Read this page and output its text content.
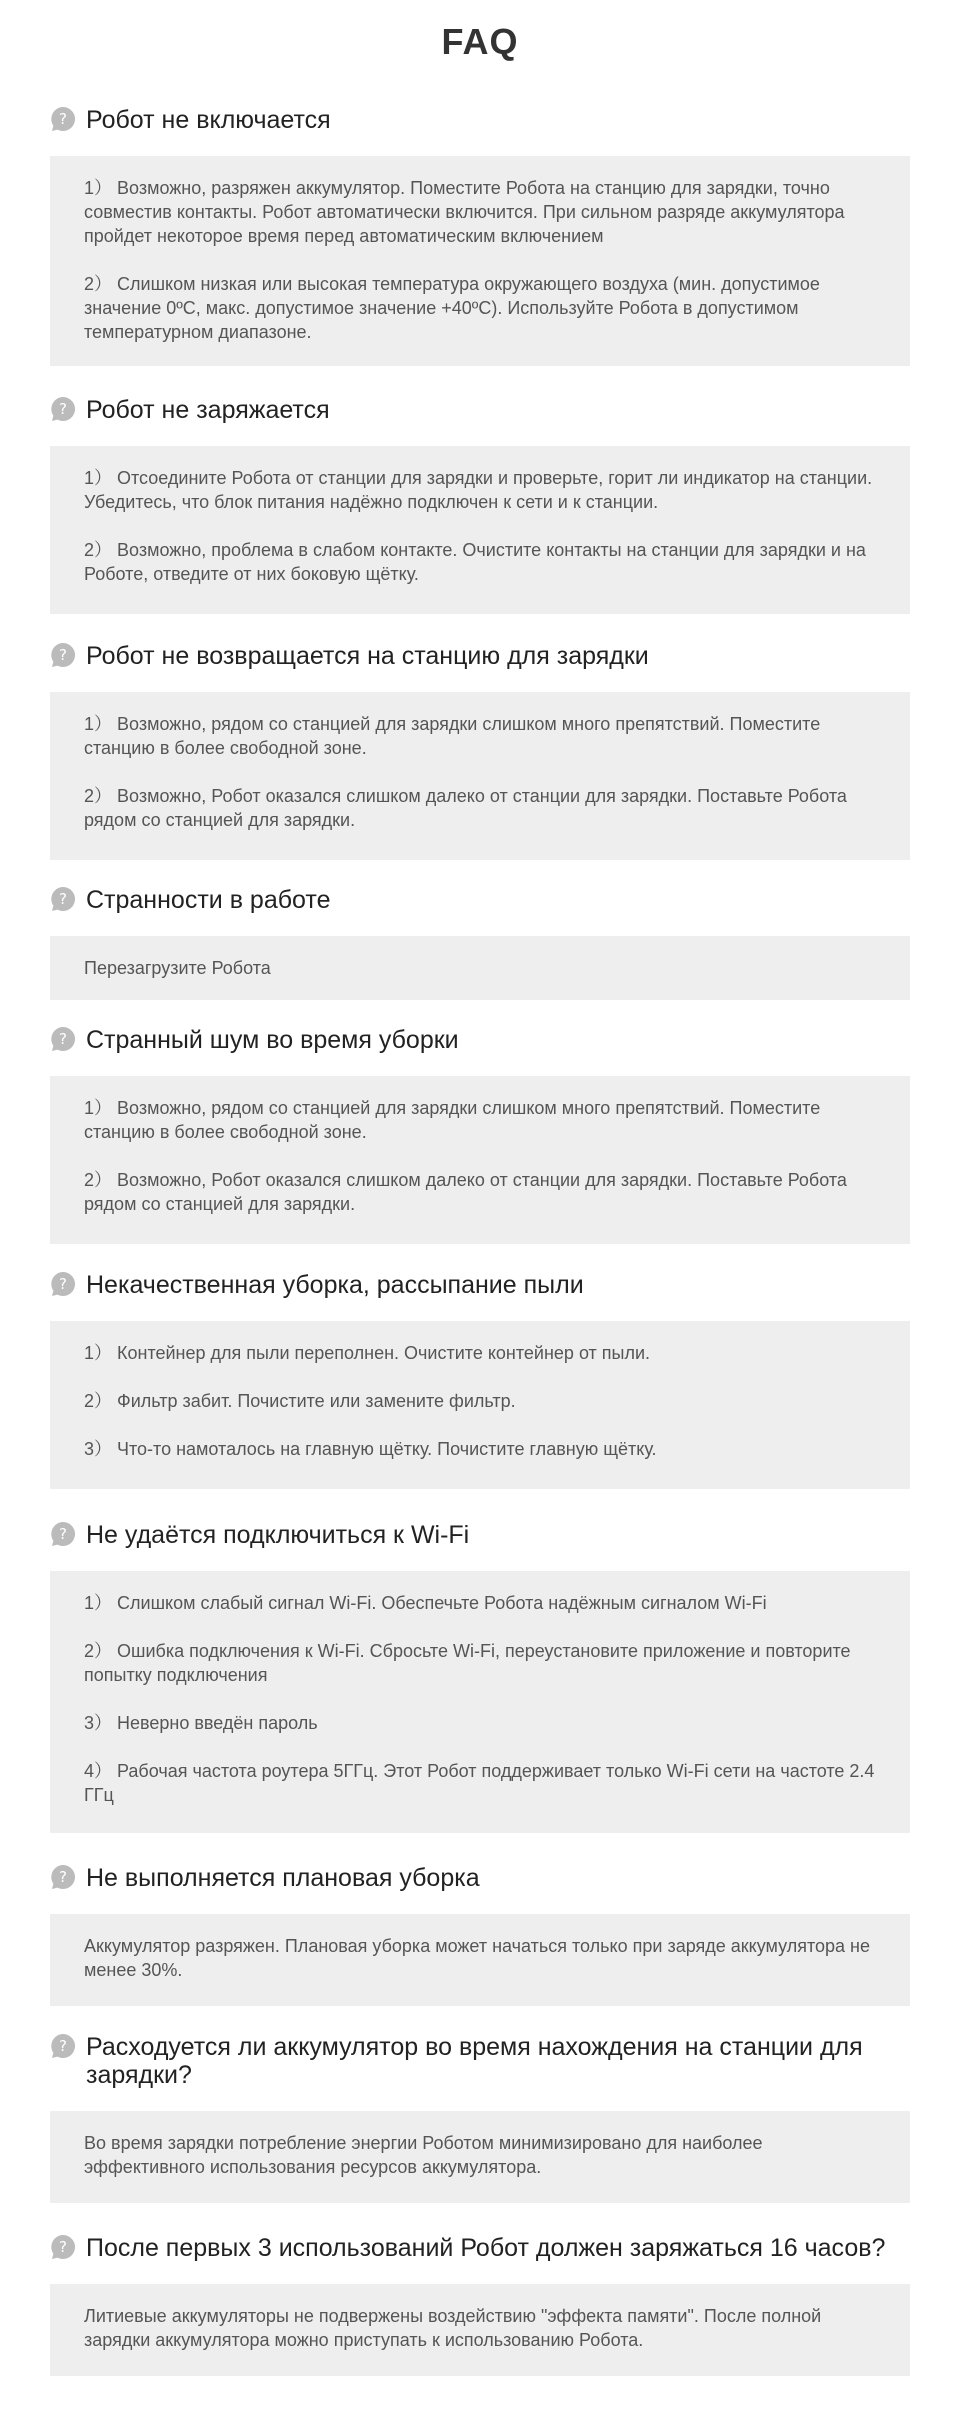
FAQ
? Робот не включается

1） Возможно, разряжен аккумулятор. Поместите Робота на станцию для зарядки, точно совместив контакты. Робот автоматически включится. При сильном разряде аккумулятора пройдет некоторое время перед автоматическим включением

2） Слишком низкая или высокая температура окружающего воздуха (мин. допустимое значение 0ºС, макс. допустимое значение +40ºС). Используйте Робота в допустимом температурном диапазоне.

? Робот не заряжается

1） Отсоедините Робота от станции для зарядки и проверьте, горит ли индикатор на станции. Убедитесь, что блок питания надёжно подключен к сети и к станции.

2） Возможно, проблема в слабом контакте. Очистите контакты на станции для зарядки и на Роботе, отведите от них боковую щётку.

? Робот не возвращается на станцию для зарядки

1） Возможно, рядом со станцией для зарядки слишком много препятствий. Поместите станцию в более свободной зоне.

2） Возможно, Робот оказался слишком далеко от станции для зарядки. Поставьте Робота рядом со станцией для зарядки.

? Странности в работе

Перезагрузите Робота

? Странный шум во время уборки

1） Возможно, рядом со станцией для зарядки слишком много препятствий. Поместите станцию в более свободной зоне.

2） Возможно, Робот оказался слишком далеко от станции для зарядки. Поставьте Робота рядом со станцией для зарядки.

? Некачественная уборка, рассыпание пыли

1） Контейнер для пыли переполнен. Очистите контейнер от пыли.

2） Фильтр забит. Почистите или замените фильтр.

3） Что-то намоталось на главную щётку. Почистите главную щётку.

? Не удаётся подключиться к Wi-Fi

1） Слишком слабый сигнал Wi-Fi. Обеспечьте Робота надёжным сигналом Wi-Fi

2） Ошибка подключения к Wi-Fi. Сбросьте Wi-Fi, переустановите приложение и повторите попытку подключения

3） Неверно введён пароль

4） Рабочая частота роутера 5ГГц. Этот Робот поддерживает только Wi-Fi сети на частоте 2.4 ГГц

? Не выполняется плановая уборка

Аккумулятор разряжен. Плановая уборка может начаться только при заряде аккумулятора не менее 30%.

? Расходуется ли аккумулятор во время нахождения на станции для зарядки?

Во время зарядки потребление энергии Роботом минимизировано для наиболее эффективного использования ресурсов аккумулятора.

? После первых 3 использований Робот должен заряжаться 16 часов?

Литиевые аккумуляторы не подвержены воздействию "эффекта памяти". После полной зарядки аккумулятора можно приступать к использованию Робота.
